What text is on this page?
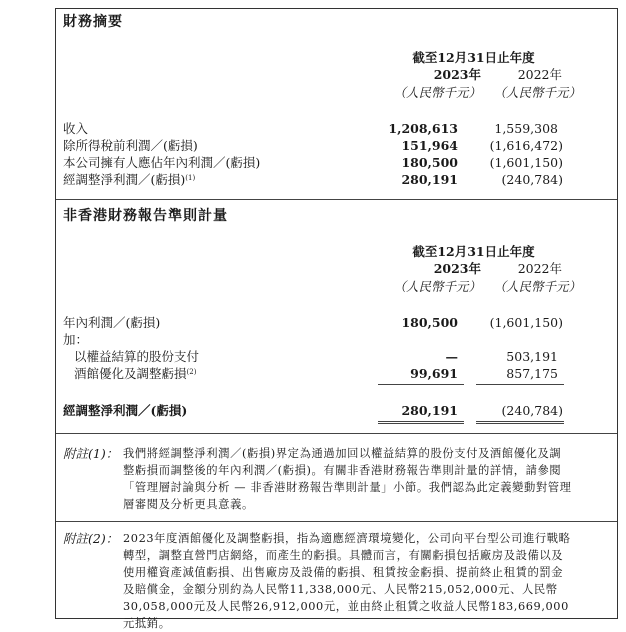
財務摘要
截至12月31日止年度
2023年	2022年
（人民幣千元） （人民幣千元）
收入	1,208,613	1,559,308
除所得稅前利潤／(虧損)	151,964	(1,616,472)
本公司擁有人應佔年內利潤／(虧損)	180,500	(1,601,150)
經調整淨利潤／(虧損)$^{(1)}$	280,191	(240,784)
非香港財務報告準則計量
截至12月31日止年度
2023年	2022年
（人民幣千元） （人民幣千元）
年內利潤／(虧損)	180,500	(1,601,150)
加：
以權益結算的股份支付	—	503,191
酒館優化及調整虧損$^{(2)}$	99,691	857,175
經調整淨利潤／(虧損)	280,191	(240,784)
附註(1)： 我們將經調整淨利潤／(虧損)界定為通過加回以權益結算的股份支付及酒館優化及調整虧損而調整後的年內利潤／(虧損)。有關非香港財務報告準則計量的詳情，請參閱「管理層討論與分析 — 非香港財務報告準則計量」小節。我們認為此定義變動對管理層審閱及分析更具意義。
附註(2)： 2023年度酒館優化及調整虧損，指為適應經濟環境變化，公司向平台型公司進行戰略轉型，調整直營門店網絡，而產生的虧損。具體而言，有關虧損包括廠房及設備以及使用權資產減值虧損、出售廠房及設備的虧損、租賃按金虧損、提前終止租賃的罰金及賠償金，金額分別約為人民幣11,338,000元、人民幣215,052,000元、人民幣30,058,000元及人民幣26,912,000元，並由終止租賃之收益人民幣183,669,000元抵銷。
